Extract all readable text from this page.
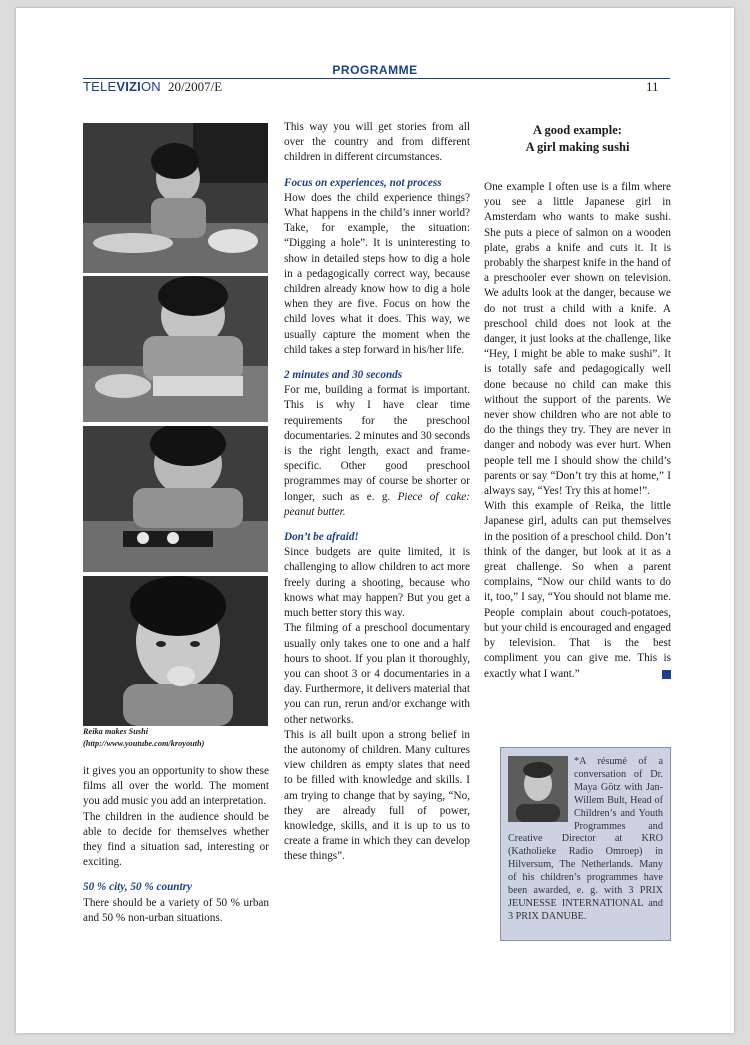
PROGRAMME
TELEVIZION 20/2007/E	11
Reika makes Sushi
(http://www.youtube.com/kroyouth)

it gives you an opportunity to show these films all over the world. The moment you add music you add an interpretation.

The children in the audience should be able to decide for themselves whether they find a situation sad, interesting or exciting.

50 % city, 50 % country

There should be a variety of 50 % urban and 50 % non-urban situations.

This way you will get stories from all over the country and from different children in different circumstances.

Focus on experiences, not process

How does the child experience things? What happens in the child’s inner world? Take, for example, the situation: “Digging a hole”. It is uninteresting to show in detailed steps how to dig a hole in a pedagogically correct way, because children already know how to dig a hole when they are five. Focus on how the child loves what it does. This way, we usually capture the moment when the child takes a step forward in his/her life.

2 minutes and 30 seconds

For me, building a format is important. This is why I have clear time requirements for the preschool documentaries. 2 minutes and 30 seconds is the right length, exact and frame-specific. Other good preschool programmes may of course be shorter or longer, such as e. g. Piece of cake: peanut butter.

Don’t be afraid!

Since budgets are quite limited, it is challenging to allow children to act more freely during a shooting, because who knows what may happen? But you get a much better story this way.

The filming of a preschool documentary usually only takes one to one and a half hours to shoot. If you plan it thoroughly, you can shoot 3 or 4 documentaries in a day. Furthermore, it delivers material that you can run, rerun and/or exchange with other networks.

This is all built upon a strong belief in the autonomy of children. Many cultures view children as empty slates that need to be filled with knowledge and skills. I am trying to change that by saying, “No, they are already full of power, knowledge, skills, and it is up to us to create a frame in which they can develop these things”.

A good example:
A girl making sushi

One example I often use is a film where you see a little Japanese girl in Amsterdam who wants to make sushi. She puts a piece of salmon on a wooden plate, grabs a knife and cuts it. It is probably the sharpest knife in the hand of a preschooler ever shown on television. We adults look at the danger, because we do not trust a child with a knife. A preschool child does not look at the danger, it just looks at the challenge, like “Hey, I might be able to make sushi”. It is totally safe and pedagogically well done because no child can make this without the support of the parents. We never show children who are not able to do the things they try. They are never in danger and nobody was ever hurt. When people tell me I should show the child’s parents or say “Don’t try this at home,” I always say, “Yes! Try this at home!”.

With this example of Reika, the little Japanese girl, adults can put themselves in the position of a preschool child. Don’t think of the danger, but look at it as a great challenge. So when a parent complains, “Now our child wants to do it, too,” I say, “You should not blame me. People complain about couch-potatoes, but your child is encouraged and engaged by television. That is the best compliment you can give me. This is exactly what I want.”

*A résumé of a conversation of Dr. Maya Götz with Jan-Willem Bult, Head of Children’s and Youth Programmes and Creative Director at KRO (Katholieke Radio Omroep) in Hilversum, The Netherlands. Many of his children’s programmes have been awarded, e. g. with 3 PRIX JEUNESSE INTERNATIONAL and 3 PRIX DANUBE.
